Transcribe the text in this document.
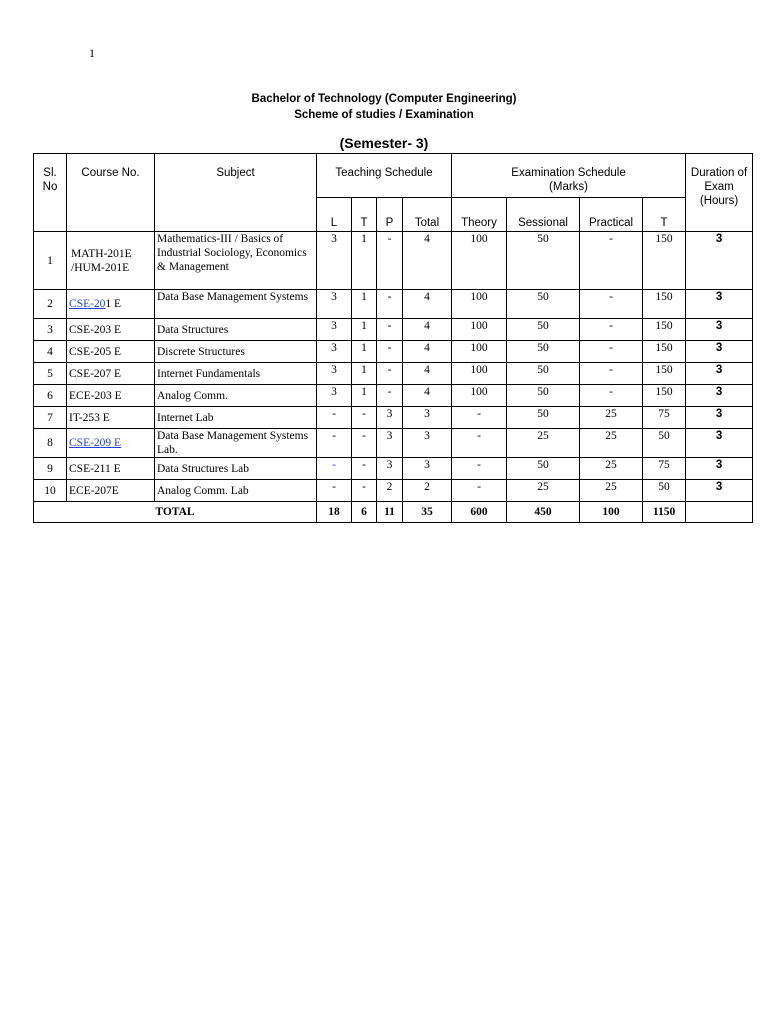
1
Bachelor of Technology (Computer Engineering)
Scheme of studies / Examination
(Semester- 3)
Sl. No	Course No.	Subject	Teaching Schedule				Examination Schedule (Marks)				Duration of Exam (Hours)
			L	T	P	Total	Theory	Sessional	Practical	T	
1	MATH-201E /HUM-201E	Mathematics-III / Basics of Industrial Sociology, Economics & Management	3	1	-	4	100	50	-	150	3
2	CSE-201 E	Data Base Management Systems	3	1	-	4	100	50	-	150	3
3	CSE-203 E	Data Structures	3	1	-	4	100	50	-	150	3
4	CSE-205 E	Discrete Structures	3	1	-	4	100	50	-	150	3
5	CSE-207 E	Internet Fundamentals	3	1	-	4	100	50	-	150	3
6	ECE-203 E	Analog Comm.	3	1	-	4	100	50	-	150	3
7	IT-253 E	Internet Lab	-	-	3	3	-	50	25	75	3
8	CSE-209 E	Data Base Management Systems Lab.	-	-	3	3	-	25	25	50	3
9	CSE-211 E	Data Structures Lab	-	-	3	3	-	50	25	75	3
10	ECE-207E	Analog Comm. Lab	-	-	2	2	-	25	25	50	3
TOTAL			18	6	11	35	600	450	100	1150	
